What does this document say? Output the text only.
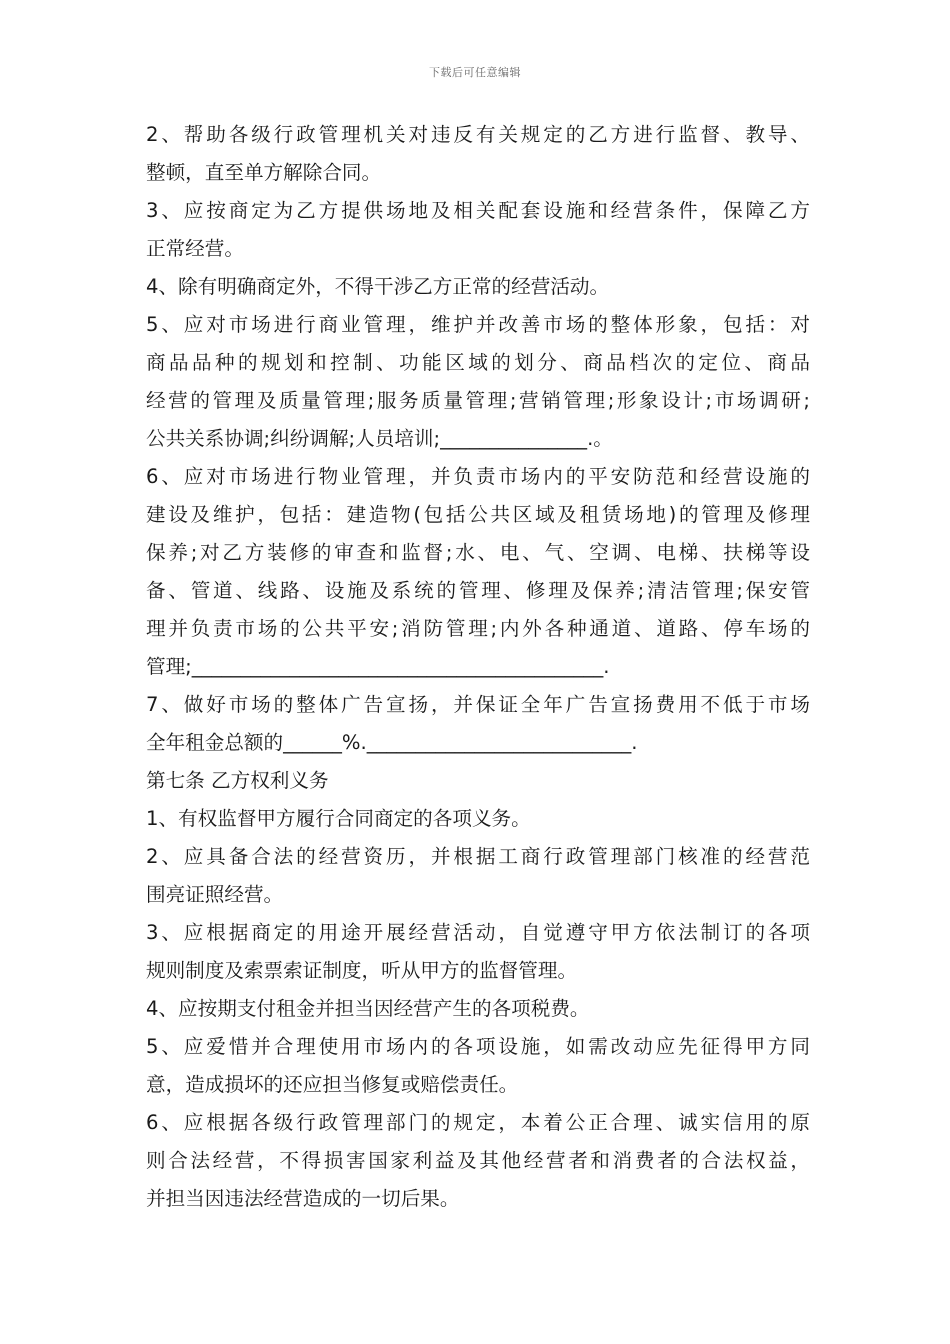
下载后可任意编辑
2、帮助各级行政管理机关对违反有关规定的乙方进行监督、教导、
整顿，直至单方解除合同。
3、应按商定为乙方提供场地及相关配套设施和经营条件，保障乙方
正常经营。
4、除有明确商定外，不得干涉乙方正常的经营活动。
5、应对市场进行商业管理，维护并改善市场的整体形象，包括：对
商品品种的规划和控制、功能区域的划分、商品档次的定位、商品
经营的管理及质量管理;服务质量管理;营销管理;形象设计;市场调研;
公共关系协调;纠纷调解;人员培训;_______________.。
6、应对市场进行物业管理，并负责市场内的平安防范和经营设施的
建设及维护，包括：建造物(包括公共区域及租赁场地)的管理及修理
保养;对乙方装修的审查和监督;水、电、气、空调、电梯、扶梯等设
备、管道、线路、设施及系统的管理、修理及保养;清洁管理;保安管
理并负责市场的公共平安;消防管理;内外各种通道、道路、停车场的
管理;__________________________________________.
7、做好市场的整体广告宣扬，并保证全年广告宣扬费用不低于市场
全年租金总额的______%.___________________________.
第七条 乙方权利义务
1、有权监督甲方履行合同商定的各项义务。
2、应具备合法的经营资历，并根据工商行政管理部门核准的经营范
围亮证照经营。
3、应根据商定的用途开展经营活动，自觉遵守甲方依法制订的各项
规则制度及索票索证制度，听从甲方的监督管理。
4、应按期支付租金并担当因经营产生的各项税费。
5、应爱惜并合理使用市场内的各项设施，如需改动应先征得甲方同
意，造成损坏的还应担当修复或赔偿责任。
6、应根据各级行政管理部门的规定，本着公正合理、诚实信用的原
则合法经营，不得损害国家利益及其他经营者和消费者的合法权益，
并担当因违法经营造成的一切后果。
